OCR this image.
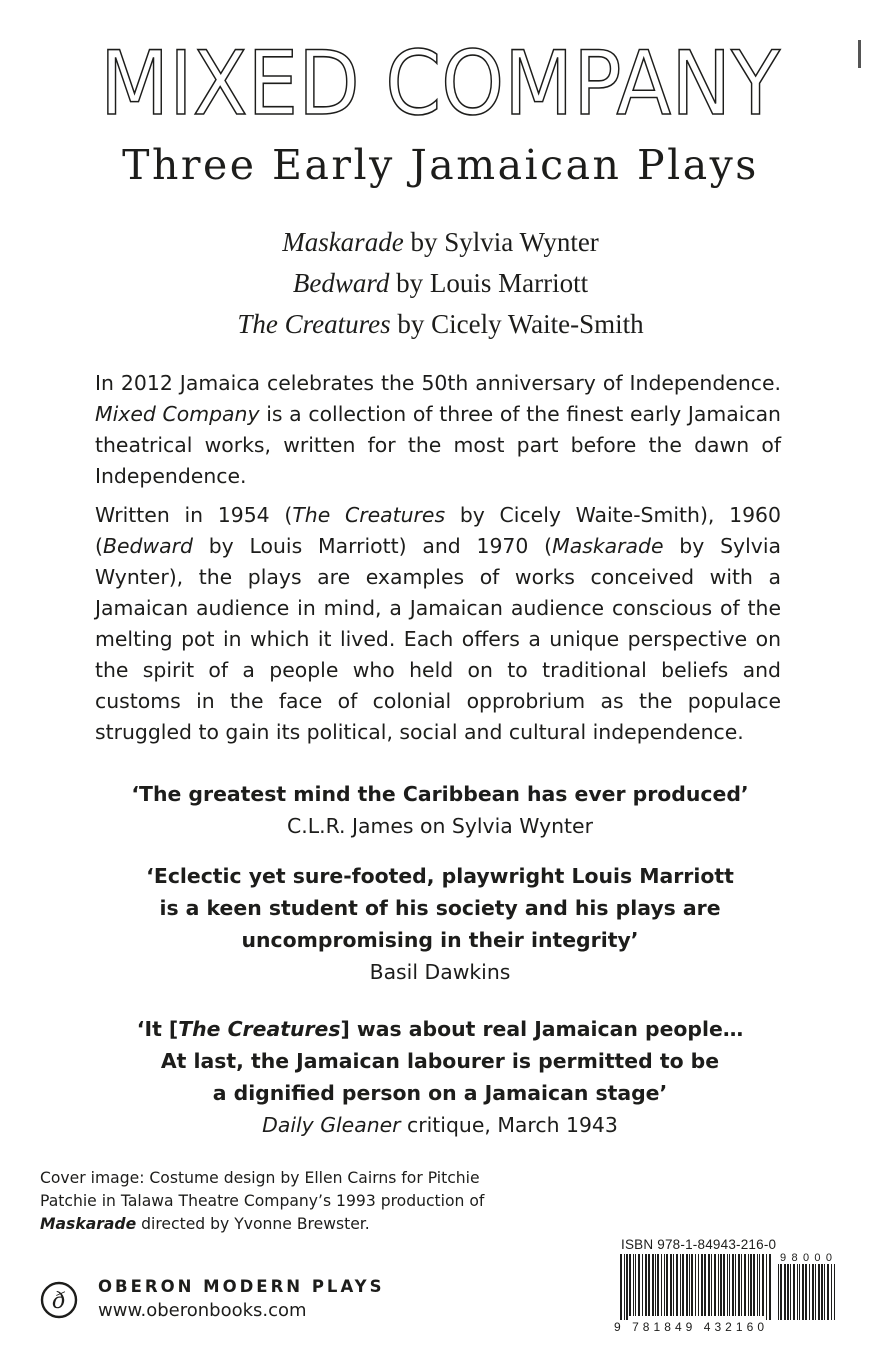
MIXED COMPANY
Three Early Jamaican Plays
Maskarade by Sylvia Wynter
Bedward by Louis Marriott
The Creatures by Cicely Waite-Smith

In 2012 Jamaica celebrates the 50th anniversary of Independence. Mixed Company is a collection of three of the finest early Jamaican theatrical works, written for the most part before the dawn of Independence.

Written in 1954 (The Creatures by Cicely Waite-Smith), 1960 (Bedward by Louis Marriott) and 1970 (Maskarade by Sylvia Wynter), the plays are examples of works conceived with a Jamaican audience in mind, a Jamaican audience conscious of the melting pot in which it lived. Each offers a unique perspective on the spirit of a people who held on to traditional beliefs and customs in the face of colonial opprobrium as the populace struggled to gain its political, social and cultural independence.

‘The greatest mind the Caribbean has ever produced’
C.L.R. James on Sylvia Wynter
‘Eclectic yet sure-footed, playwright Louis Marriott
is a keen student of his society and his plays are
uncompromising in their integrity’
Basil Dawkins
‘It [The Creatures] was about real Jamaican people…
At last, the Jamaican labourer is permitted to be
a dignified person on a Jamaican stage’
Daily Gleaner critique, March 1943
Cover image: Costume design by Ellen Cairns for Pitchie Patchie in Talawa Theatre Company’s 1993 production of Maskarade directed by Yvonne Brewster.
ð
OBERON MODERN PLAYS
www.oberonbooks.com
ISBN 978-1-84943-216-0
9 781849 432160
98000
